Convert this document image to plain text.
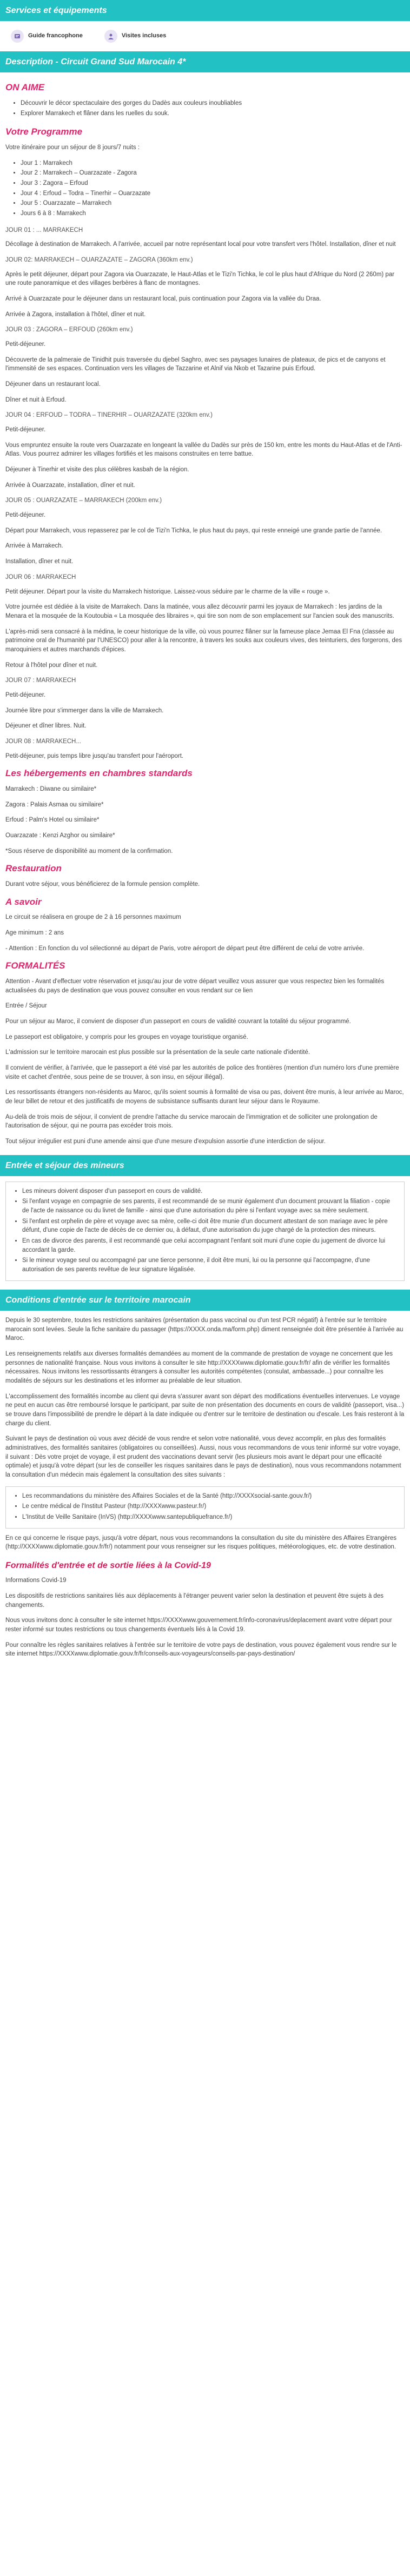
Services et équipements
Guide francophone	Visites incluses
Description - Circuit Grand Sud Marocain 4*
ON AIME
• Découvrir le décor spectaculaire des gorges du Dadès aux couleurs inoubliables
• Explorer Marrakech et flâner dans les ruelles du souk.
Votre Programme

Votre itinéraire pour un séjour de 8 jours/7 nuits :

• Jour 1 : Marrakech
• Jour 2 : Marrakech – Ouarzazate - Zagora
• Jour 3 : Zagora – Erfoud
• Jour 4 : Erfoud – Todra – Tinerhir – Ouarzazate
• Jour 5 : Ouarzazate – Marrakech
• Jours 6 à 8 : Marrakech

JOUR 01 : ... MARRAKECH

Décollage à destination de Marrakech. A l'arrivée, accueil par notre représentant local pour votre transfert vers l'hôtel. Installation, dîner et nuit

JOUR 02: MARRAKECH – OUARZAZATE – ZAGORA (360km env.)

Après le petit déjeuner, départ pour Zagora via Ouarzazate, le Haut-Atlas et le Tizi'n Tichka, le col le plus haut d'Afrique du Nord (2 260m) par une route panoramique et des villages berbères à flanc de montagnes.

Arrivé à Ouarzazate pour le déjeuner dans un restaurant local, puis continuation pour Zagora via la vallée du Draa.

Arrivée à Zagora, installation à l'hôtel, dîner et nuit.

JOUR 03 : ZAGORA – ERFOUD (260km env.)

Petit-déjeuner.

Découverte de la palmeraie de Tinidhit puis traversée du djebel Saghro, avec ses paysages lunaires de plateaux, de pics et de canyons et l'immensité de ses espaces. Continuation vers les villages de Tazzarine et Alnif via Nkob et Tazarine puis Erfoud.

Déjeuner dans un restaurant local.

Dîner et nuit à Erfoud.

JOUR 04 : ERFOUD – TODRA – TINERHIR – OUARZAZATE (320km env.)

Petit-déjeuner.

Vous empruntez ensuite la route vers Ouarzazate en longeant la vallée du Dadès sur près de 150 km, entre les monts du Haut-Atlas et de l'Anti-Atlas. Vous pourrez admirer les villages fortifiés et les maisons construites en terre battue.

Déjeuner à Tinerhir et visite des plus célèbres kasbah de la région.

Arrivée à Ouarzazate, installation, dîner et nuit.

JOUR 05 : OUARZAZATE – MARRAKECH (200km env.)

Petit-déjeuner.

Départ pour Marrakech, vous repasserez par le col de Tizi'n Tichka, le plus haut du pays, qui reste enneigé une grande partie de l'année.

Arrivée à Marrakech.

Installation, dîner et nuit.

JOUR 06 : MARRAKECH

Petit déjeuner. Départ pour la visite du Marrakech historique. Laissez-vous séduire par le charme de la ville « rouge ».

Votre journée est dédiée à la visite de Marrakech. Dans la matinée, vous allez découvrir parmi les joyaux de Marrakech : les jardins de la Menara et la mosquée de la Koutoubia « La mosquée des libraires », qui tire son nom de son emplacement sur l'ancien souk des manuscrits.

L'après-midi sera consacré à la médina, le coeur historique de la ville, où vous pourrez flâner sur la fameuse place Jemaa El Fna (classée au patrimoine oral de l'humanité par l'UNESCO) pour aller à la rencontre, à travers les souks aux couleurs vives, des teinturiers, des forgerons, des maroquiniers et autres marchands d'épices.

Retour à l'hôtel pour dîner et nuit.

JOUR 07 : MARRAKECH

Petit-déjeuner.

Journée libre pour s'immerger dans la ville de Marrakech.

Déjeuner et dîner libres. Nuit.

JOUR 08 : MARRAKECH...

Petit-déjeuner, puis temps libre jusqu'au transfert pour l'aéroport.

Les hébergements en chambres standards

Marrakech : Diwane ou similaire*

Zagora : Palais Asmaa ou similaire*

Erfoud : Palm's Hotel ou similaire*

Ouarzazate : Kenzi Azghor ou similaire*

*Sous réserve de disponibilité au moment de la confirmation.

Restauration

Durant votre séjour, vous bénéficierez de la formule pension complète.

A savoir

Le circuit se réalisera en groupe de 2 à 16 personnes maximum

Age minimum : 2 ans

- Attention : En fonction du vol sélectionné au départ de Paris, votre aéroport de départ peut être différent de celui de votre arrivée.

FORMALITÉS

Attention - Avant d'effectuer votre réservation et jusqu'au jour de votre départ veuillez vous assurer que vous respectez bien les formalités actualisées du pays de destination que vous pouvez consulter en vous rendant sur ce lien

Entrée / Séjour

Pour un séjour au Maroc, il convient de disposer d'un passeport en cours de validité couvrant la totalité du séjour programmé.

Le passeport est obligatoire, y compris pour les groupes en voyage touristique organisé.

L'admission sur le territoire marocain est plus possible sur la présentation de la seule carte nationale d'identité.

Il convient de vérifier, à l'arrivée, que le passeport a été visé par les autorités de police des frontières (mention d'un numéro lors d'une première visite et cachet d'entrée, sous peine de se trouver, à son insu, en séjour illégal).

Les ressortissants étrangers non-résidents au Maroc, qu'ils soient soumis à formalité de visa ou pas, doivent être munis, à leur arrivée au Maroc, de leur billet de retour et des justificatifs de moyens de subsistance suffisants durant leur séjour dans le Royaume.

Au-delà de trois mois de séjour, il convient de prendre l'attache du service marocain de l'immigration et de solliciter une prolongation de l'autorisation de séjour, qui ne pourra pas excéder trois mois.

Tout séjour irrégulier est puni d'une amende ainsi que d'une mesure d'expulsion assortie d'une interdiction de séjour.

Entrée et séjour des mineurs
• Les mineurs doivent disposer d'un passeport en cours de validité.
• Si l'enfant voyage en compagnie de ses parents, il est recommandé de se munir également d'un document prouvant la filiation - copie de l'acte de naissance ou du livret de famille - ainsi que d'une autorisation du père si l'enfant voyage avec sa mère seulement.
• Si l'enfant est orphelin de père et voyage avec sa mère, celle-ci doit être munie d'un document attestant de son mariage avec le père défunt, d'une copie de l'acte de décès de ce dernier ou, à défaut, d'une autorisation du juge chargé de la protection des mineurs.
• En cas de divorce des parents, il est recommandé que celui accompagnant l'enfant soit muni d'une copie du jugement de divorce lui accordant la garde.
• Si le mineur voyage seul ou accompagné par une tierce personne, il doit être muni, lui ou la personne qui l'accompagne, d'une autorisation de ses parents revêtue de leur signature légalisée.
Conditions d'entrée sur le territoire marocain

Depuis le 30 septembre, toutes les restrictions sanitaires (présentation du pass vaccinal ou d'un test PCR négatif) à l'entrée sur le territoire marocain sont levées. Seule la fiche sanitaire du passager (https://XXXX.onda.ma/form.php) diment renseignée doit être présentée à l'arrivée au Maroc.

Les renseignements relatifs aux diverses formalités demandées au moment de la commande de prestation de voyage ne concernent que les personnes de nationalité française. Nous vous invitons à consulter le site http://XXXXwww.diplomatie.gouv.fr/fr/ afin de vérifier les formalités nécessaires. Nous invitons les ressortissants étrangers à consulter les autorités compétentes (consulat, ambassade...) pour connaître les modalités de séjours sur les destinations et les informer au préalable de leur situation.

L'accomplissement des formalités incombe au client qui devra s'assurer avant son départ des modifications éventuelles intervenues. Le voyage ne peut en aucun cas être remboursé lorsque le participant, par suite de non présentation des documents en cours de validité (passeport, visa...) se trouve dans l'impossibilité de prendre le départ à la date indiquée ou d'entrer sur le territoire de destination ou d'escale. Les frais resteront à la charge du client.

Suivant le pays de destination où vous avez décidé de vous rendre et selon votre nationalité, vous devez accomplir, en plus des formalités administratives, des formalités sanitaires (obligatoires ou conseillées). Aussi, nous vous recommandons de vous tenir informé sur votre voyage, il suivant : Dès votre projet de voyage, il est prudent des vaccinations devant servir (les plusieurs mois avant le départ pour une efficacité optimale) et jusqu'à votre départ (sur les de conseiller les risques sanitaires dans le pays de destination), nous vous recommandons notamment la consultation d'un médecin mais également la consultation des sites suivants :

• Les recommandations du ministère des Affaires Sociales et de la Santé (http://XXXXsocial-sante.gouv.fr/)
• Le centre médical de l'Institut Pasteur (http://XXXXwww.pasteur.fr/)
• L'Institut de Veille Sanitaire (InVS) (http://XXXXwww.santepubliquefrance.fr/)

En ce qui concerne le risque pays, jusqu'à votre départ, nous vous recommandons la consultation du site du ministère des Affaires Etrangères (http://XXXXwww.diplomatie.gouv.fr/fr/) notamment pour vous renseigner sur les risques politiques, météorologiques, etc. de votre destination.

Formalités d'entrée et de sortie liées à la Covid-19

Informations Covid-19

Les dispositifs de restrictions sanitaires liés aux déplacements à l'étranger peuvent varier selon la destination et peuvent être sujets à des changements.

Nous vous invitons donc à consulter le site internet https://XXXXwww.gouvernement.fr/info-coronavirus/deplacement avant votre départ pour rester informé sur toutes restrictions ou tous changements éventuels liés à la Covid 19.

Pour connaître les règles sanitaires relatives à l'entrée sur le territoire de votre pays de destination, vous pouvez également vous rendre sur le site internet https://XXXXwww.diplomatie.gouv.fr/fr/conseils-aux-voyageurs/conseils-par-pays-destination/
